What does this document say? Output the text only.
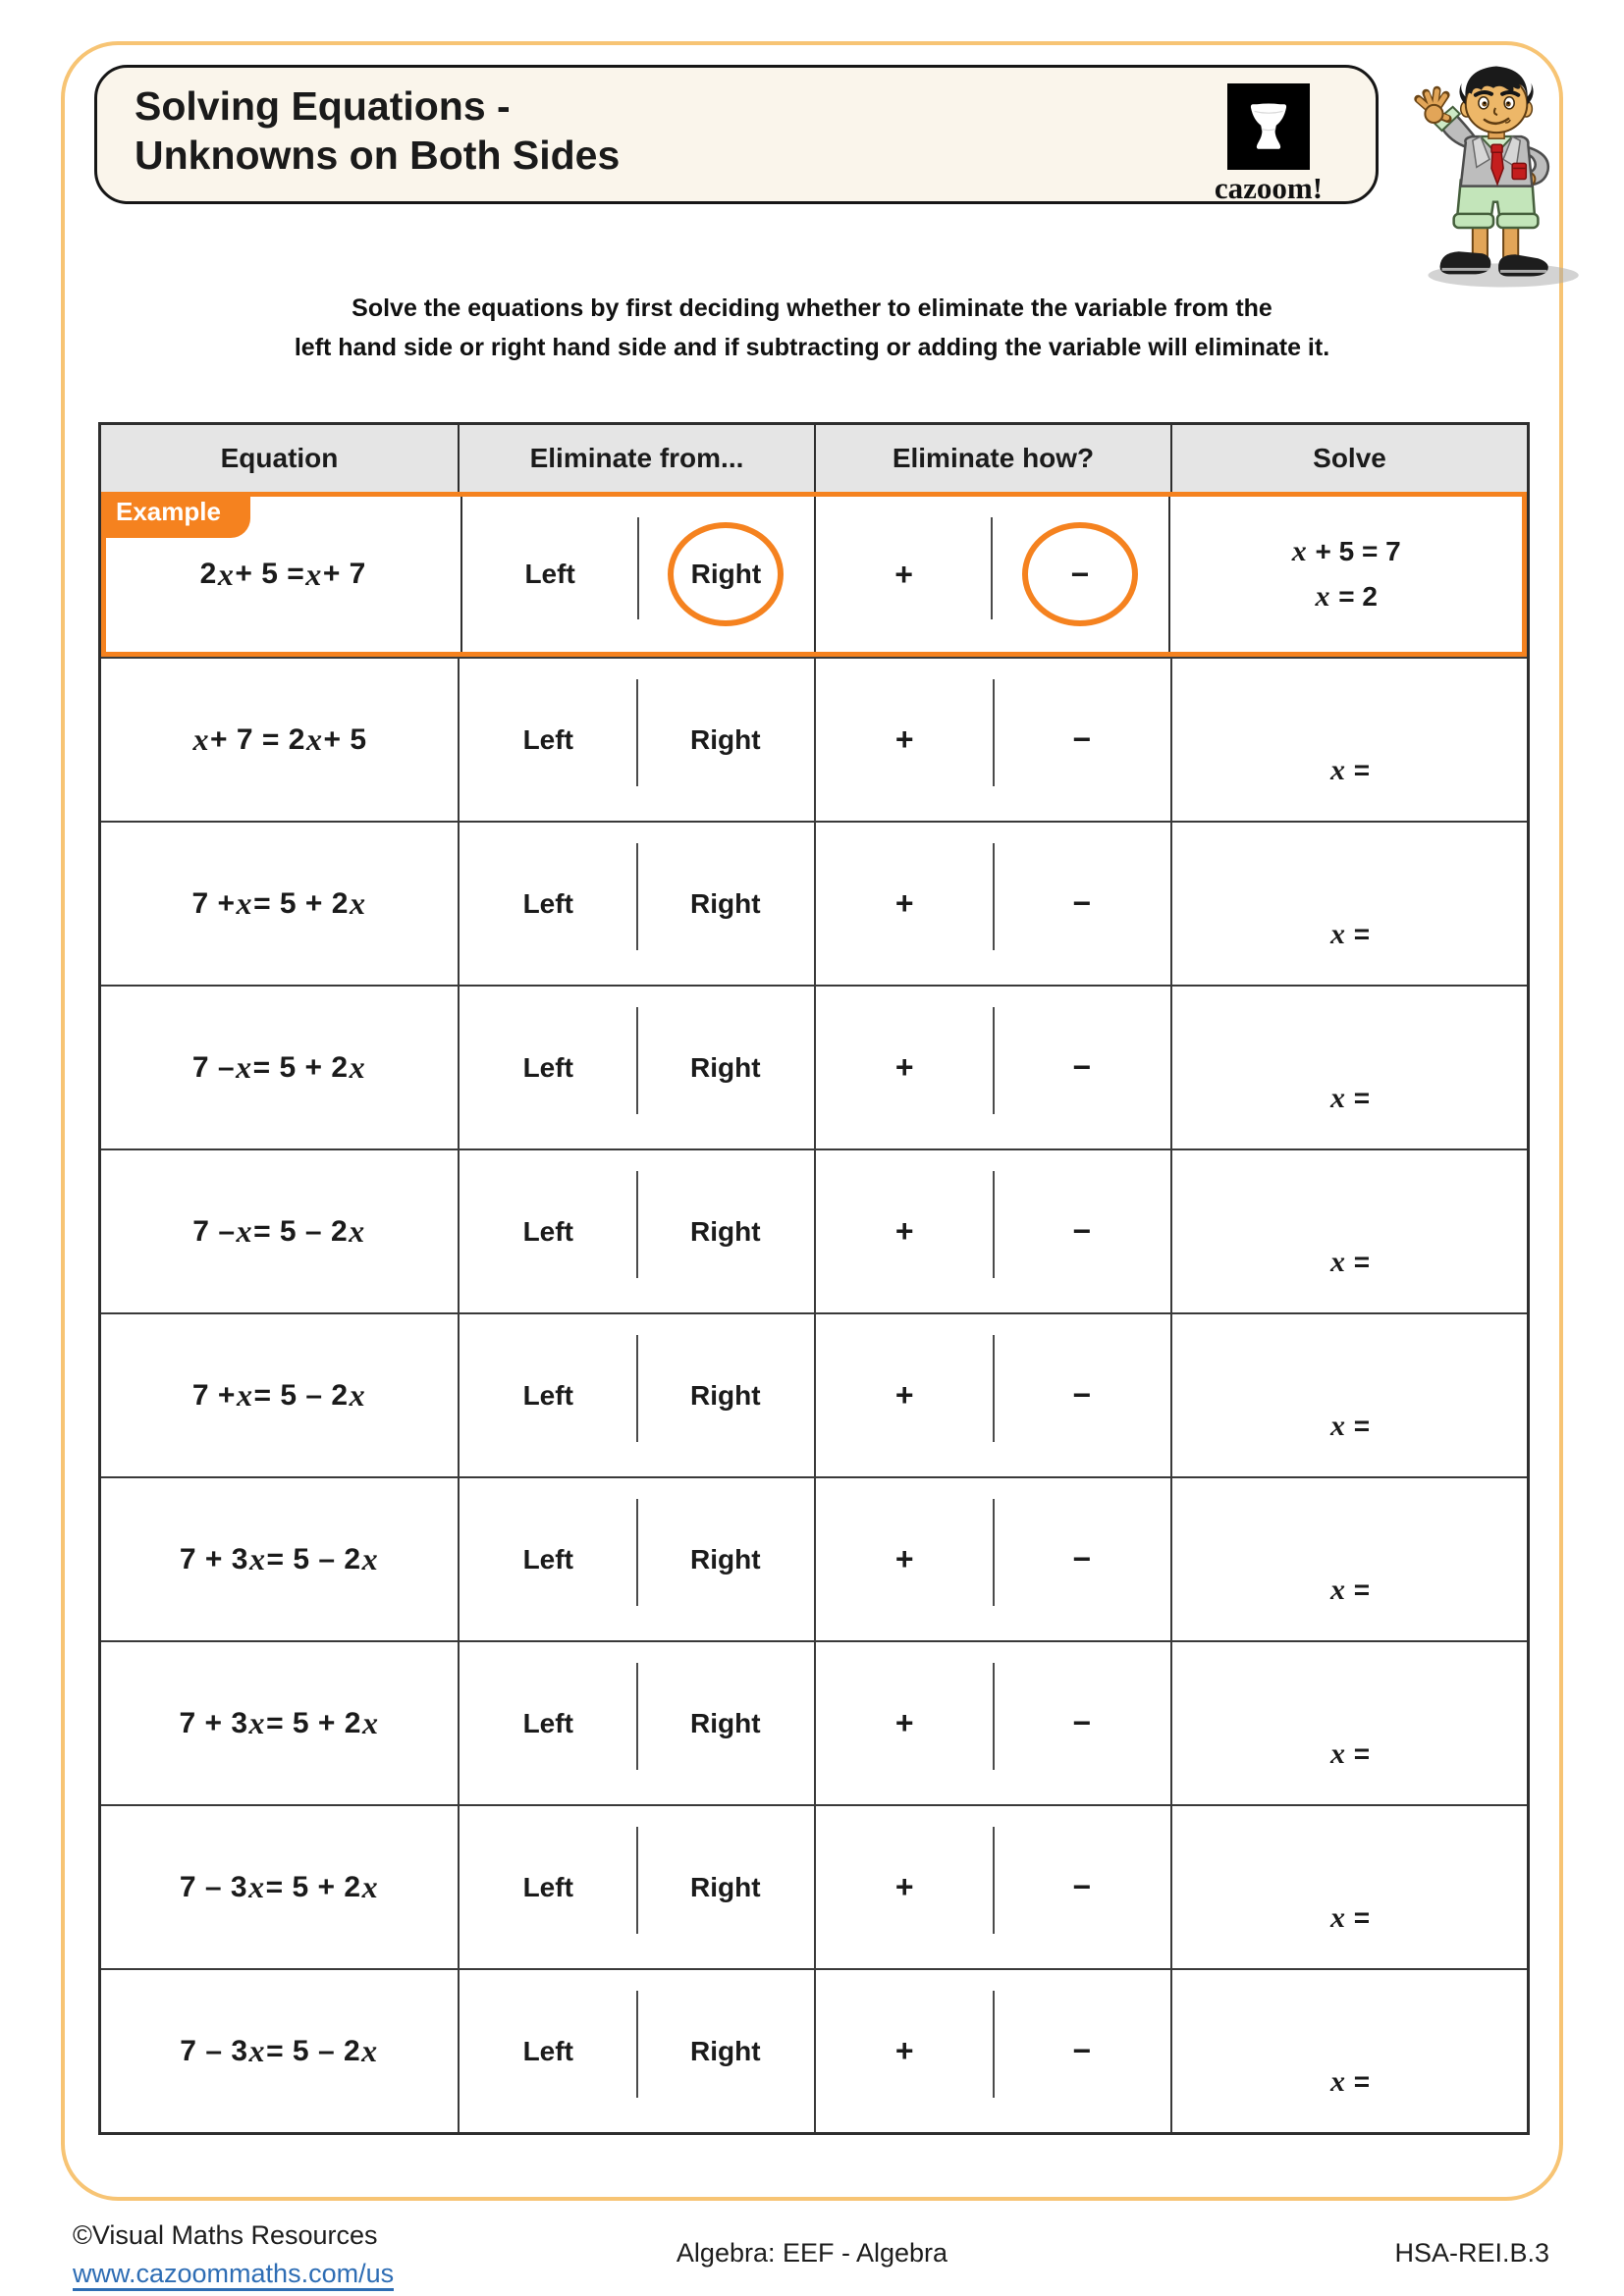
Solving Equations -
Unknowns on Both Sides
cazoom!
Solve the equations by first deciding whether to eliminate the variable from the
left hand side or right hand side and if subtracting or adding the variable will eliminate it.
Equation	Eliminate from...	Eliminate how?	Solve
Example
2 x + 5 = x + 7	Left	Right	+	−
x + 5 = 7
x = 2
x + 7 = 2 x + 5	Left	Right	+	−
x =
7 + x = 5 + 2 x	Left	Right	+	−
x =
7 – x = 5 + 2 x	Left	Right	+	−
x =
7 – x = 5 – 2 x	Left	Right	+	−
x =
7 + x = 5 – 2 x	Left	Right	+	−
x =
7 + 3 x = 5 – 2 x	Left	Right	+	−
x =
7 + 3 x = 5 + 2 x	Left	Right	+	−
x =
7 – 3 x = 5 + 2 x	Left	Right	+	−
x =
7 – 3 x = 5 – 2 x	Left	Right	+	−
x =
©Visual Maths Resources
www.cazoommaths.com/us
Algebra: EEF - Algebra	HSA-REI.B.3
